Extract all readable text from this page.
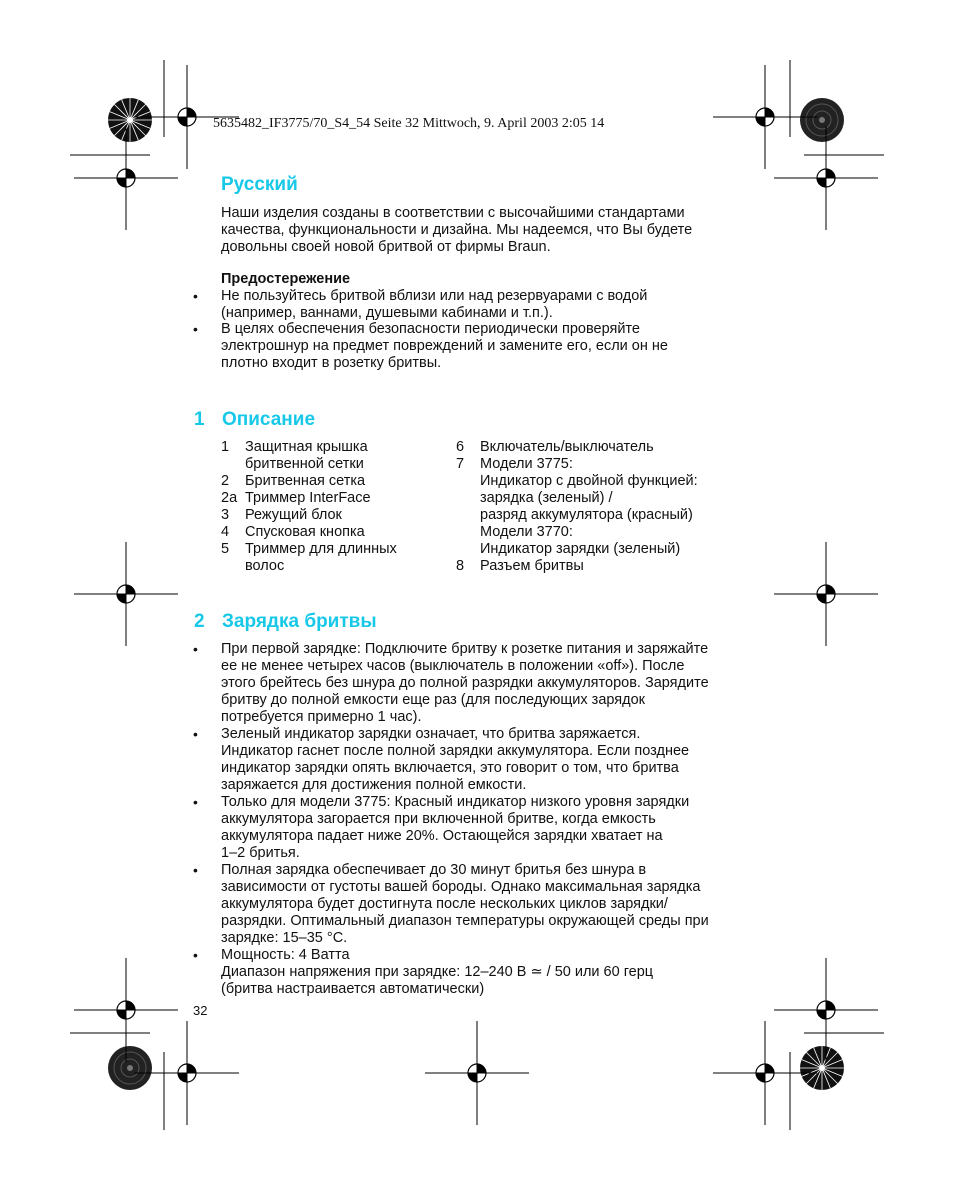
5635482_IF3775/70_S4_54 Seite 32 Mittwoch, 9. April 2003 2:05 14
Русский
Наши изделия созданы в соответствии с высочайшими стандартами
качества, функциональности и дизайна. Мы надеемся, что Вы будете
довольны своей новой бритвой от фирмы Braun.
Предостережение
• Не пользуйтесь бритвой вблизи или над резервуарами с водой
(например, ваннами, душевыми кабинами и т.п.).
• В целях обеспечения безопасности периодически проверяйте
электрошнур на предмет повреждений и замените его, если он не
плотно входит в розетку бритвы.
1 Описание
1 Защитная крышка
бритвенной сетки
2 Бритвенная сетка
2a Триммер InterFace
3 Режущий блок
4 Спусковая кнопка
5 Триммер для длинных
волос
6 Включатель/выключатель
7 Модели 3775:
Индикатор с двойной функцией:
зарядка (зеленый) /
разряд аккумулятора (красный)
Модели 3770:
Индикатор зарядки (зеленый)
8 Разъем бритвы
2 Зарядка бритвы
• При первой зарядке: Подключите бритву к розетке питания и заряжайте
ее не менее четырех часов (выключатель в положении «off»). После
этого брейтесь без шнура до полной разрядки аккумуляторов. Зарядите
бритву до полной емкости еще раз (для последующих зарядок
потребуется примерно 1 час).
• Зеленый индикатор зарядки означает, что бритва заряжается.
Индикатор гаснет после полной зарядки аккумулятора. Если позднее
индикатор зарядки опять включается, это говорит о том, что бритва
заряжается для достижения полной емкости.
• Только для модели 3775: Красный индикатор низкого уровня зарядки
аккумулятора загорается при включенной бритве, когда емкость
аккумулятора падает ниже 20%. Остающейся зарядки хватает на
1–2 бритья.
• Полная зарядка обеспечивает до 30 минут бритья без шнура в
зависимости от густоты вашей бороды. Однако максимальная зарядка
аккумулятора будет достигнута после нескольких циклов зарядки/
разрядки. Оптимальный диапазон температуры окружающей среды при
зарядке: 15–35 °C.
• Мощность: 4 Ватта
Диапазон напряжения при зарядке: 12–240 В ≃ / 50 или 60 герц
(бритва настраивается автоматически)
32
